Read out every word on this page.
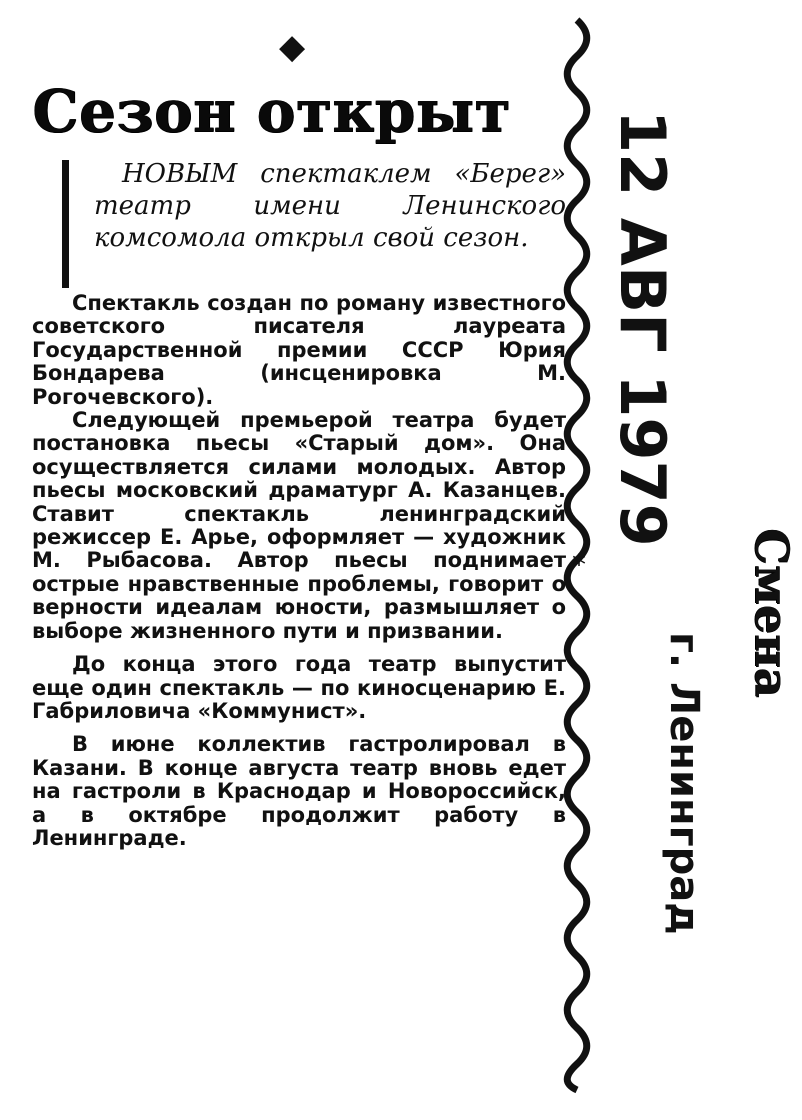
◆
Сезон открыт

НОВЫМ спектаклем «Берег» театр имени Ленинского комсомола открыл свой сезон.

Спектакль создан по роману известного советского писателя лауреата Государственной премии СССР Юрия Бондарева (инсценировка М. Рогочевского).

Следующей премьерой театра будет постановка пьесы «Старый дом». Она осуществляется силами молодых. Автор пьесы московский драматург А. Казанцев. Ставит спектакль ленинградский режиссер Е. Арье, оформляет — художник М. Рыбасова. Автор пьесы поднимает острые нравственные проблемы, говорит о верности идеалам юности, размышляет о выборе жизненного пути и призвании.

До конца этого года театр выпустит еще один спектакль — по киносценарию Е. Габриловича «Коммунист».

В июне коллектив гастролировал в Казани. В конце августа театр вновь едет на гастроли в Краснодар и Новороссийск, а в октябре продолжит работу в Ленинграде.

12 АВГ 1979
*
г. Ленинград
Смена
